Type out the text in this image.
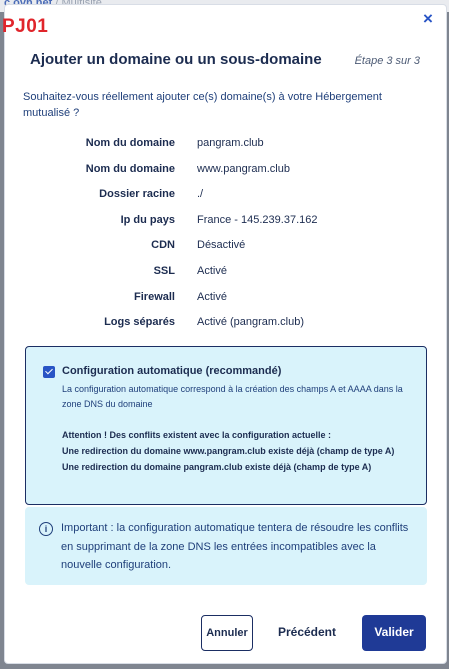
×
Ajouter un domaine ou un sous-domaine	Étape 3 sur 3
Souhaitez-vous réellement ajouter ce(s) domaine(s) à votre Hébergement mutualisé ?
Nom du domaine pangram.club
Nom du domaine www.pangram.club
Dossier racine ./
Ip du pays France - 145.239.37.162
CDN Désactivé
SSL Activé
Firewall Activé
Logs séparés Activé (pangram.club)
Configuration automatique (recommandé)
La configuration automatique correspond à la création des champs A et AAAA dans la zone DNS du domaine
Attention ! Des conflits existent avec la configuration actuelle :
Une redirection du domaine www.pangram.club existe déjà (champ de type A)
Une redirection du domaine pangram.club existe déjà (champ de type A)
i	Important : la configuration automatique tentera de résoudre les conflits en supprimant de la zone DNS les entrées incompatibles avec la nouvelle configuration.
Annuler	Précédent	Valider
PJ01
